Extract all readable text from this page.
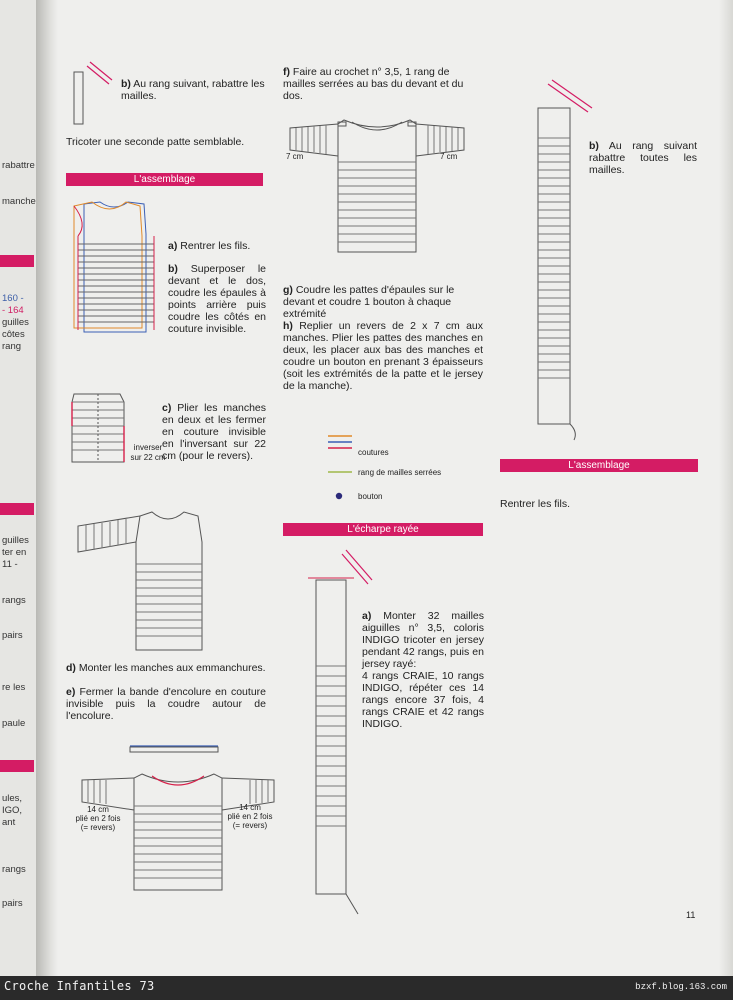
rabattre
manche
160 -
- 164
guilles
côtes
rang
guilles
ter en
11 -
rangs
pairs
re les
paule
ules,
IGO,
ant
rangs
pairs
b) Au rang suivant, rabattre les mailles.
Tricoter une seconde patte semblable.
L'assemblage
a) Rentrer les fils.
b) Superposer le devant et le dos, coudre les épaules à points arrière puis coudre les côtés en couture invisible.
inverser
sur 22 cm
c) Plier les manches en deux et les fermer en couture invisible en l'inversant sur 22 cm (pour le revers).
d) Monter les manches aux emmanchures.
e) Fermer la bande d'encolure en couture invisible puis la coudre autour de l'encolure.
14 cm
plié en 2 fois
(= revers)
14 cm
plié en 2 fois
(= revers)
f) Faire au crochet n° 3,5, 1 rang de mailles serrées au bas du devant et du dos.
7 cm	7 cm
g) Coudre les pattes d'épaules sur le devant et coudre 1 bouton à chaque extrémité
h) Replier un revers de 2 x 7 cm aux manches. Plier les pattes des manches en deux, les placer aux bas des manches et coudre un bouton en prenant 3 épaisseurs (soit les extrémités de la patte et le jersey de la manche).
coutures
rang de mailles serrées
bouton
L'écharpe rayée
a) Monter 32 mailles aiguilles n° 3,5, coloris INDIGO tricoter en jersey pendant 42 rangs, puis en jersey rayé:
4 rangs CRAIE, 10 rangs INDIGO, répéter ces 14 rangs encore 37 fois, 4 rangs CRAIE et 42 rangs INDIGO.
b) Au rang suivant rabattre toutes les mailles.
L'assemblage
Rentrer les fils.
11
Croche Infantiles 73	bzxf.blog.163.com
